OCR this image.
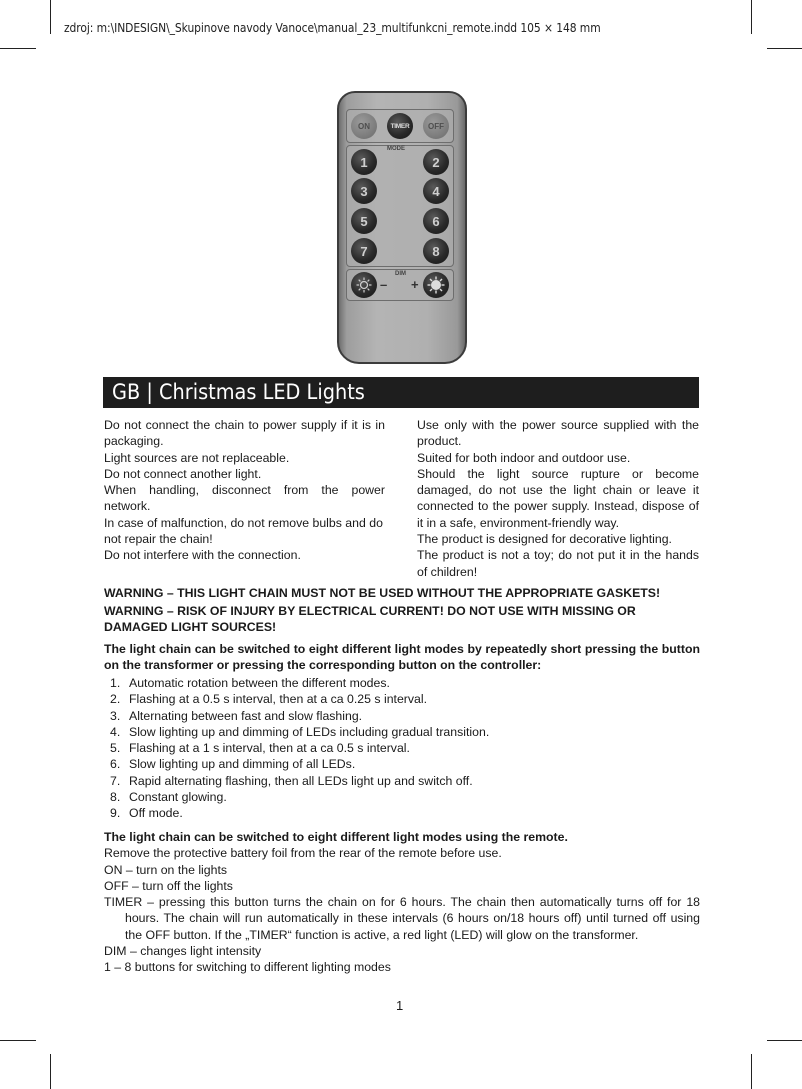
zdroj: m:\INDESIGN\_Skupinove navody Vanoce\manual_23_multifunkcni_remote.indd 105 × 148 mm
ON	TIMER	OFF
MODE
1	2
3	4
5	6
7	8
DIM
– +
GB | Christmas LED Lights

Do not connect the chain to power supply if it is in packaging.

Light sources are not replaceable.

Do not connect another light.

When handling, disconnect from the power network.

In case of malfunction, do not remove bulbs and do not repair the chain!

Do not interfere with the connection.

Use only with the power source supplied with the product.

Suited for both indoor and outdoor use.

Should the light source rupture or become damaged, do not use the light chain or leave it connected to the power supply. Instead, dispose of it in a safe, environment-friendly way.

The product is designed for decorative lighting.

The product is not a toy; do not put it in the hands of children!

WARNING – THIS LIGHT CHAIN MUST NOT BE USED WITHOUT THE APPROPRIATE GASKETS!
WARNING – RISK OF INJURY BY ELECTRICAL CURRENT! DO NOT USE WITH MISSING OR DAMAGED LIGHT SOURCES!
The light chain can be switched to eight different light modes by repeatedly short pressing the button on the transformer or pressing the corresponding button on the controller:
1. Automatic rotation between the different modes.
2. Flashing at a 0.5 s interval, then at a ca 0.25 s interval.
3. Alternating between fast and slow flashing.
4. Slow lighting up and dimming of LEDs including gradual transition.
5. Flashing at a 1 s interval, then at a ca 0.5 s interval.
6. Slow lighting up and dimming of all LEDs.
7. Rapid alternating flashing, then all LEDs light up and switch off.
8. Constant glowing.
9. Off mode.

The light chain can be switched to eight different light modes using the remote.

Remove the protective battery foil from the rear of the remote before use.

ON – turn on the lights

OFF – turn off the lights

TIMER – pressing this button turns the chain on for 6 hours. The chain then automatically turns off for 18 hours. The chain will run automatically in these intervals (6 hours on/18 hours off) until turned off using the OFF button. If the „TIMER“ function is active, a red light (LED) will glow on the transformer.

DIM – changes light intensity

1 – 8 buttons for switching to different lighting modes

1
